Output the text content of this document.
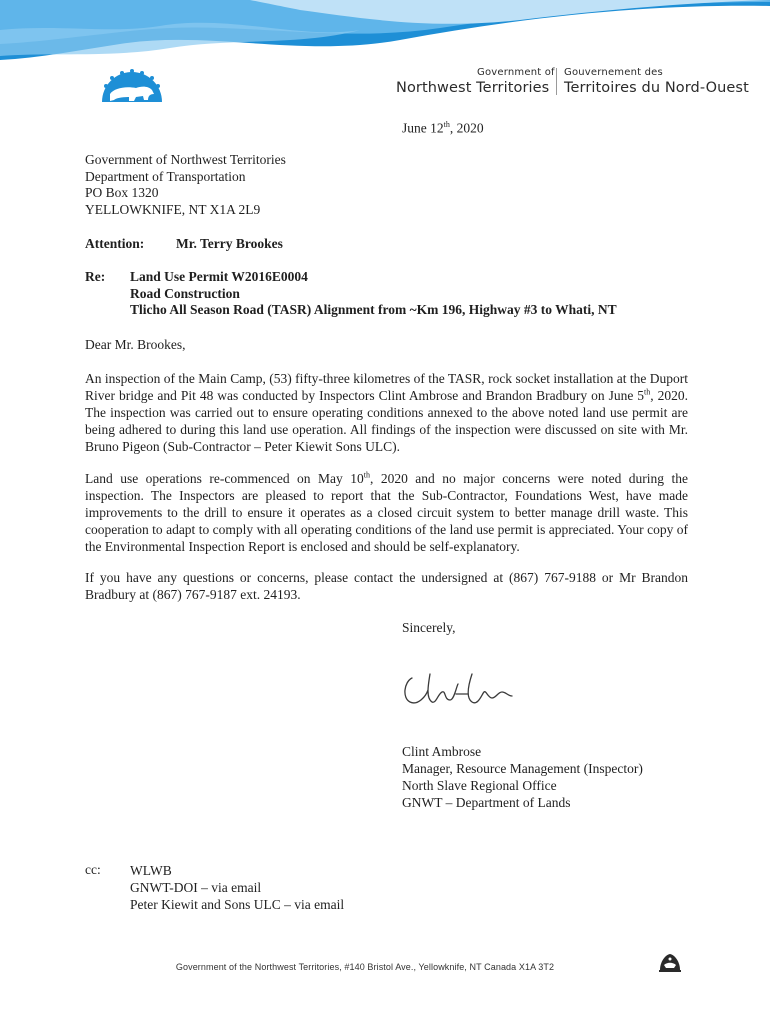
Government of
Northwest Territories
Gouvernement des
Territoires du Nord-Ouest
June 12th, 2020
Government of Northwest Territories
Department of Transportation
PO Box 1320
YELLOWKNIFE, NT X1A 2L9
Attention: Mr. Terry Brookes
Re: Land Use Permit W2016E0004
Road Construction
Tlicho All Season Road (TASR) Alignment from ~Km 196, Highway #3 to Whati, NT
Dear Mr. Brookes,
An inspection of the Main Camp, (53) fifty-three kilometres of the TASR, rock socket installation at the Duport River bridge and Pit 48 was conducted by Inspectors Clint Ambrose and Brandon Bradbury on June 5th, 2020. The inspection was carried out to ensure operating conditions annexed to the above noted land use permit are being adhered to during this land use operation. All findings of the inspection were discussed on site with Mr. Bruno Pigeon (Sub-Contractor – Peter Kiewit Sons ULC).
Land use operations re-commenced on May 10th, 2020 and no major concerns were noted during the inspection. The Inspectors are pleased to report that the Sub-Contractor, Foundations West, have made improvements to the drill to ensure it operates as a closed circuit system to better manage drill waste. This cooperation to adapt to comply with all operating conditions of the land use permit is appreciated. Your copy of the Environmental Inspection Report is enclosed and should be self-explanatory.
If you have any questions or concerns, please contact the undersigned at (867) 767-9188 or Mr Brandon Bradbury at (867) 767-9187 ext. 24193.
Sincerely,
Clint Ambrose
Manager, Resource Management (Inspector)
North Slave Regional Office
GNWT – Department of Lands
cc: WLWB
GNWT-DOI – via email
Peter Kiewit and Sons ULC – via email
Government of the Northwest Territories, #140 Bristol Ave., Yellowknife, NT Canada X1A 3T2
